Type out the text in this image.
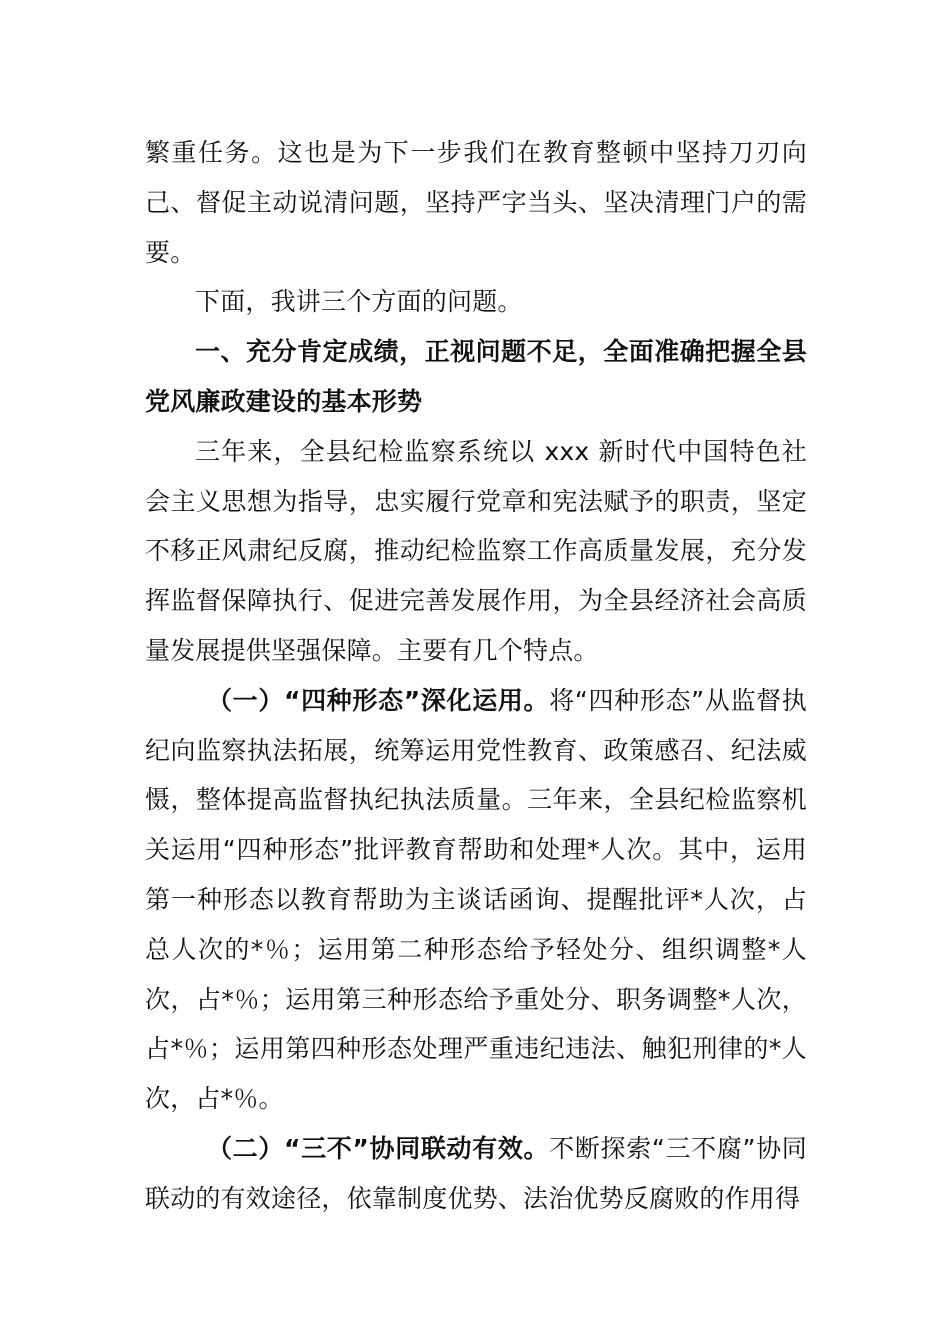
繁重任务。这也是为下一步我们在教育整顿中坚持刀刃向己、督促主动说清问题，坚持严字当头、坚决清理门户的需要。

下面，我讲三个方面的问题。

一、充分肯定成绩，正视问题不足，全面准确把握全县党风廉政建设的基本形势

三年来，全县纪检监察系统以 xxx 新时代中国特色社会主义思想为指导，忠实履行党章和宪法赋予的职责，坚定不移正风肃纪反腐，推动纪检监察工作高质量发展，充分发挥监督保障执行、促进完善发展作用，为全县经济社会高质量发展提供坚强保障。主要有几个特点。

（一）“四种形态”深化运用。将“四种形态”从监督执纪向监察执法拓展，统筹运用党性教育、政策感召、纪法威慑，整体提高监督执纪执法质量。三年来，全县纪检监察机关运用“四种形态”批评教育帮助和处理*人次。其中，运用第一种形态以教育帮助为主谈话函询、提醒批评*人次，占总人次的*％；运用第二种形态给予轻处分、组织调整*人次，占*％；运用第三种形态给予重处分、职务调整*人次，占*％；运用第四种形态处理严重违纪违法、触犯刑律的*人次，占*％。

（二）“三不”协同联动有效。不断探索“三不腐”协同联动的有效途径，依靠制度优势、法治优势反腐败的作用得
